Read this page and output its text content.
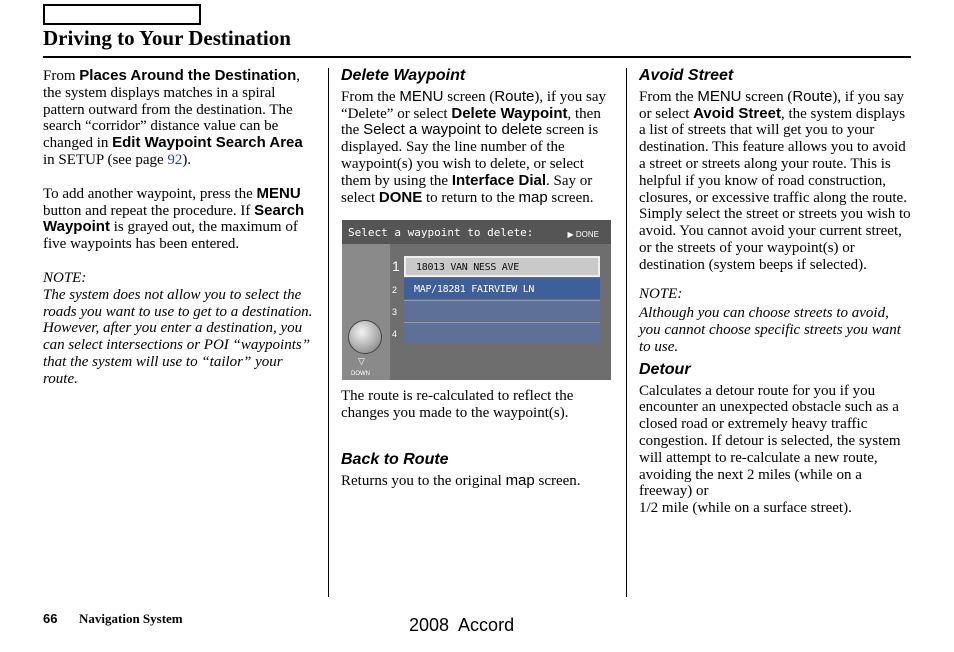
Driving to Your Destination

From Places Around the Destination, the system displays matches in a spiral pattern outward from the destination. The search “corridor” distance value can be changed in Edit Waypoint Search Area in SETUP (see page 92).

To add another waypoint, press the MENU button and repeat the procedure. If Search Waypoint is grayed out, the maximum of five waypoints has been entered.

NOTE:
The system does not allow you to select the roads you want to use to get to a destination. However, after you enter a destination, you can select intersections or POI “waypoints” that the system will use to “tailor” your route.
Delete Waypoint
From the MENU screen (Route), if you say “Delete” or select Delete Waypoint, then the Select a waypoint to delete screen is displayed. Say the line number of the waypoint(s) you wish to delete, or select them by using the Interface Dial. Say or select DONE to return to the map screen.
Select a waypoint to delete:	▶ DONE
▽
DOWN
1 18013 VAN NESS AVE
2	MAP/18281 FAIRVIEW LN
3
4

The route is re-calculated to reflect the changes you made to the waypoint(s).

Back to Route
Returns you to the original map screen.
Avoid Street

From the MENU screen (Route), if you say or select Avoid Street, the system displays a list of streets that will get you to your destination. This feature allows you to avoid a street or streets along your route. This is helpful if you know of road construction, closures, or excessive traffic along the route. Simply select the street or streets you wish to avoid. You cannot avoid your current street, or the streets of your waypoint(s) or destination (system beeps if selected).

NOTE:

Although you can choose streets to avoid, you cannot choose specific streets you want to use.

Detour
Calculates a detour route for you if you encounter an unexpected obstacle such as a closed road or extremely heavy traffic congestion. If detour is selected, the system will attempt to re-calculate a new route, avoiding the next 2 miles (while on a freeway) or
1/2 mile (while on a surface street).
66 Navigation System	2008  Accord
